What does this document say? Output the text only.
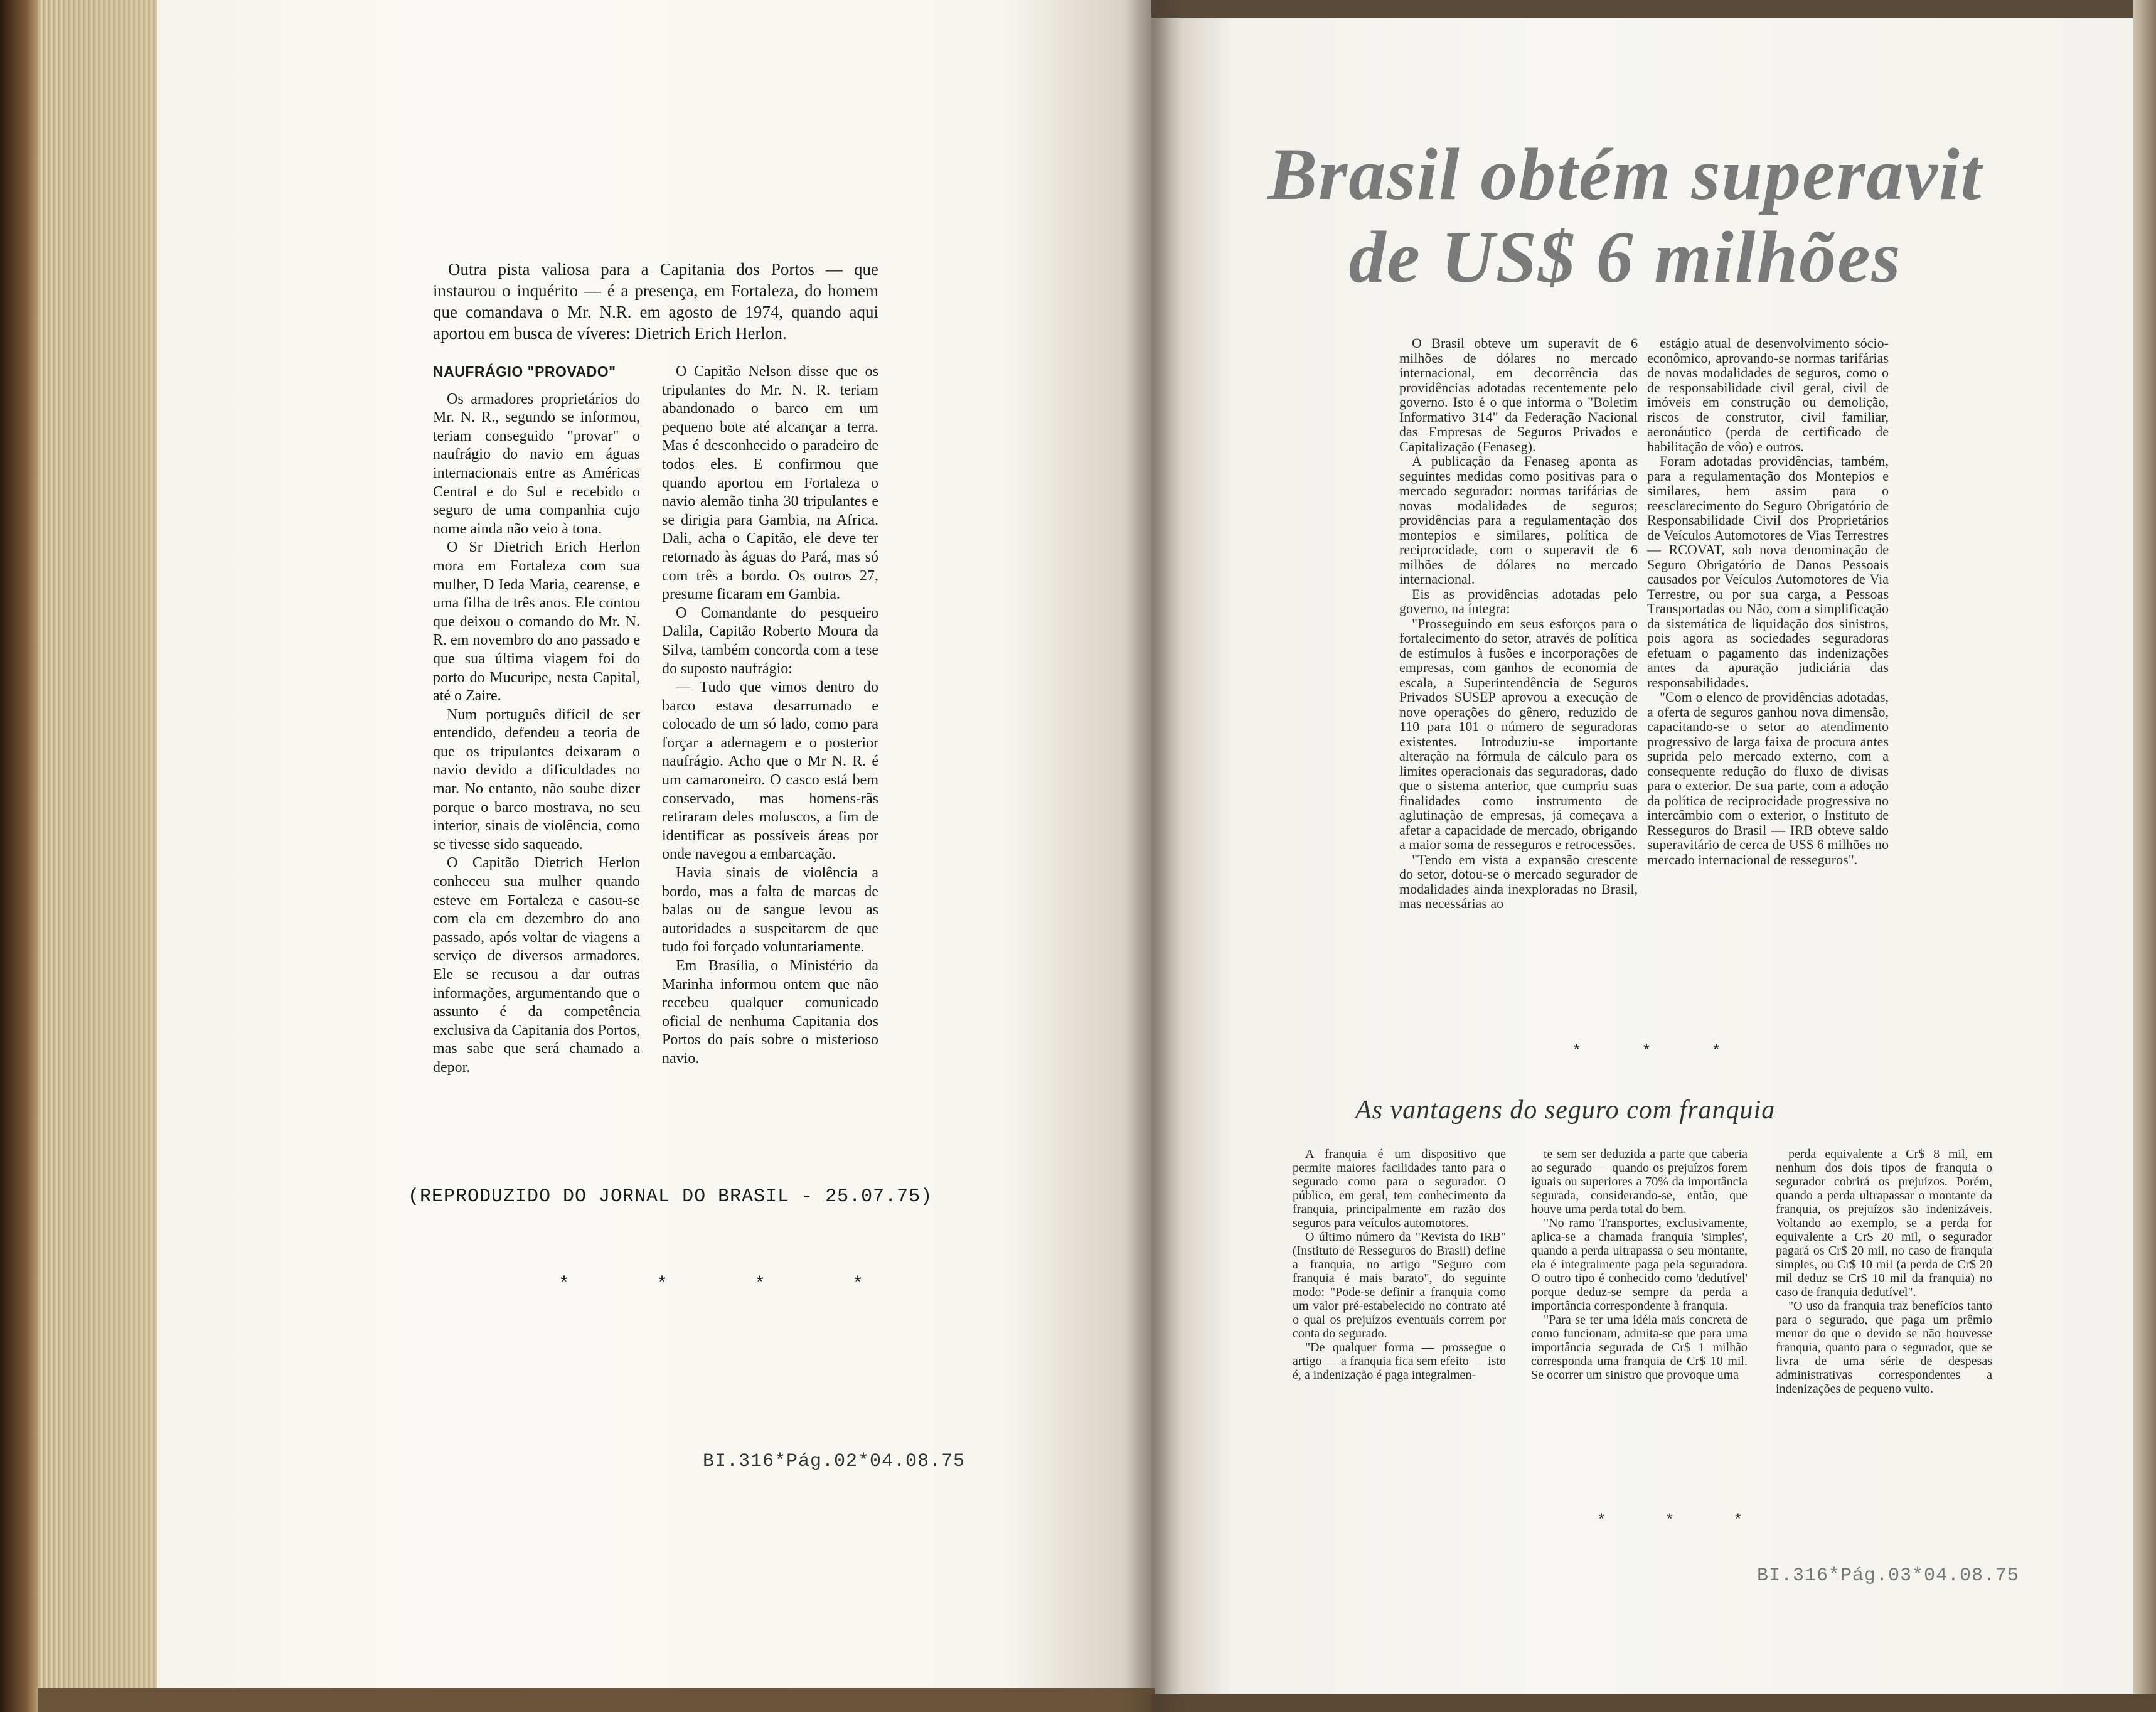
Outra pista valiosa para a Capitania dos Portos — que instaurou o inquérito — é a presença, em Fortaleza, do homem que comandava o Mr. N.R. em agosto de 1974, quando aqui aportou em busca de víveres: Dietrich Erich Herlon.
NAUFRÁGIO "PROVADO"

Os armadores proprietários do Mr. N. R., segundo se informou, teriam conseguido "provar" o naufrágio do navio em águas internacionais entre as Américas Central e do Sul e recebido o seguro de uma companhia cujo nome ainda não veio à tona.

O Sr Dietrich Erich Herlon mora em Fortaleza com sua mulher, D Ieda Maria, cearense, e uma filha de três anos. Ele contou que deixou o comando do Mr. N. R. em novembro do ano passado e que sua última viagem foi do porto do Mucuripe, nesta Capital, até o Zaire.

Num português difícil de ser entendido, defendeu a teoria de que os tripulantes deixaram o navio devido a dificuldades no mar. No entanto, não soube dizer porque o barco mostrava, no seu interior, sinais de violência, como se tivesse sido saqueado.

O Capitão Dietrich Herlon conheceu sua mulher quando esteve em Fortaleza e casou-se com ela em dezembro do ano passado, após voltar de viagens a serviço de diversos armadores. Ele se recusou a dar outras informações, argumentando que o assunto é da competência exclusiva da Capitania dos Portos, mas sabe que será chamado a depor.

O Capitão Nelson disse que os tripulantes do Mr. N. R. teriam abandonado o barco em um pequeno bote até alcançar a terra. Mas é desconhecido o paradeiro de todos eles. E confirmou que quando aportou em Fortaleza o navio alemão tinha 30 tripulantes e se dirigia para Gambia, na Africa. Dali, acha o Capitão, ele deve ter retornado às águas do Pará, mas só com três a bordo. Os outros 27, presume ficaram em Gambia.

O Comandante do pesqueiro Dalila, Capitão Roberto Moura da Silva, também concorda com a tese do suposto naufrágio:

— Tudo que vimos dentro do barco estava desarrumado e colocado de um só lado, como para forçar a adernagem e o posterior naufrágio. Acho que o Mr N. R. é um camaroneiro. O casco está bem conservado, mas homens-rãs retiraram deles moluscos, a fim de identificar as possíveis áreas por onde navegou a embarcação.

Havia sinais de violência a bordo, mas a falta de marcas de balas ou de sangue levou as autoridades a suspeitarem de que tudo foi forçado voluntariamente.

Em Brasília, o Ministério da Marinha informou ontem que não recebeu qualquer comunicado oficial de nenhuma Capitania dos Portos do país sobre o misterioso navio.

(REPRODUZIDO DO JORNAL DO BRASIL - 25.07.75)
* * * *
BI.316*Pág.02*04.08.75
Brasil obtém superavit
de US$ 6 milhões

O Brasil obteve um superavit de 6 milhões de dólares no mercado internacional, em decorrência das providências adotadas recentemente pelo governo. Isto é o que informa o "Boletim Informativo 314" da Federação Nacional das Empresas de Seguros Privados e Capitalização (Fenaseg).

A publicação da Fenaseg aponta as seguintes medidas como positivas para o mercado segurador: normas tarifárias de novas modalidades de seguros; providências para a regulamentação dos montepios e similares, política de reciprocidade, com o superavit de 6 milhões de dólares no mercado internacional.

Eis as providências adotadas pelo governo, na íntegra:

"Prosseguindo em seus esforços para o fortalecimento do setor, através de política de estímulos à fusões e incorporações de empresas, com ganhos de economia de escala, a Superintendência de Seguros Privados SUSEP aprovou a execução de nove operações do gênero, reduzido de 110 para 101 o número de seguradoras existentes. Introduziu-se importante alteração na fórmula de cálculo para os limites operacionais das seguradoras, dado que o sistema anterior, que cumpriu suas finalidades como instrumento de aglutinação de empresas, já começava a afetar a capacidade de mercado, obrigando a maior soma de resseguros e retrocessões.

"Tendo em vista a expansão crescente do setor, dotou-se o mercado segurador de modalidades ainda inexploradas no Brasil, mas necessárias ao

estágio atual de desenvolvimento sócio-econômico, aprovando-se normas tarifárias de novas modalidades de seguros, como o de responsabilidade civil geral, civil de imóveis em construção ou demolição, riscos de construtor, civil familiar, aeronáutico (perda de certificado de habilitação de vôo) e outros.

Foram adotadas providências, também, para a regulamentação dos Montepios e similares, bem assim para o reesclarecimento do Seguro Obrigatório de Responsabilidade Civil dos Proprietários de Veículos Automotores de Vias Terrestres — RCOVAT, sob nova denominação de Seguro Obrigatório de Danos Pessoais causados por Veículos Automotores de Via Terrestre, ou por sua carga, a Pessoas Transportadas ou Não, com a simplificação da sistemática de liquidação dos sinistros, pois agora as sociedades seguradoras efetuam o pagamento das indenizações antes da apuração judiciária das responsabilidades.

"Com o elenco de providências adotadas, a oferta de seguros ganhou nova dimensão, capacitando-se o setor ao atendimento progressivo de larga faixa de procura antes suprida pelo mercado externo, com a consequente redução do fluxo de divisas para o exterior. De sua parte, com a adoção da política de reciprocidade progressiva no intercâmbio com o exterior, o Instituto de Resseguros do Brasil — IRB obteve saldo superavitário de cerca de US$ 6 milhões no mercado internacional de resseguros".

* * *
As vantagens do seguro com franquia

A franquia é um dispositivo que permite maiores facilidades tanto para o segurado como para o segurador. O público, em geral, tem conhecimento da franquia, principalmente em razão dos seguros para veículos automotores.

O último número da "Revista do IRB" (Instituto de Resseguros do Brasil) define a franquia, no artigo "Seguro com franquia é mais barato", do seguinte modo: "Pode-se definir a franquia como um valor pré-estabelecido no contrato até o qual os prejuízos eventuais correm por conta do segurado.

"De qualquer forma — prossegue o artigo — a franquia fica sem efeito — isto é, a indenização é paga integralmen-

te sem ser deduzida a parte que caberia ao segurado — quando os prejuízos forem iguais ou superiores a 70% da importância segurada, considerando-se, então, que houve uma perda total do bem.

"No ramo Transportes, exclusivamente, aplica-se a chamada franquia 'simples', quando a perda ultrapassa o seu montante, ela é integralmente paga pela seguradora. O outro tipo é conhecido como 'dedutível' porque deduz-se sempre da perda a importância correspondente à franquia.

"Para se ter uma idéia mais concreta de como funcionam, admita-se que para uma importância segurada de Cr$ 1 milhão corresponda uma franquia de Cr$ 10 mil. Se ocorrer um sinistro que provoque uma

perda equivalente a Cr$ 8 mil, em nenhum dos dois tipos de franquia o segurador cobrirá os prejuízos. Porém, quando a perda ultrapassar o montante da franquia, os prejuízos são indenizáveis. Voltando ao exemplo, se a perda for equivalente a Cr$ 20 mil, o segurador pagará os Cr$ 20 mil, no caso de franquia simples, ou Cr$ 10 mil (a perda de Cr$ 20 mil deduz se Cr$ 10 mil da franquia) no caso de franquia dedutível".

"O uso da franquia traz benefícios tanto para o segurado, que paga um prêmio menor do que o devido se não houvesse franquia, quanto para o segurador, que se livra de uma série de despesas administrativas correspondentes a indenizações de pequeno vulto.

* * *
BI.316*Pág.03*04.08.75
